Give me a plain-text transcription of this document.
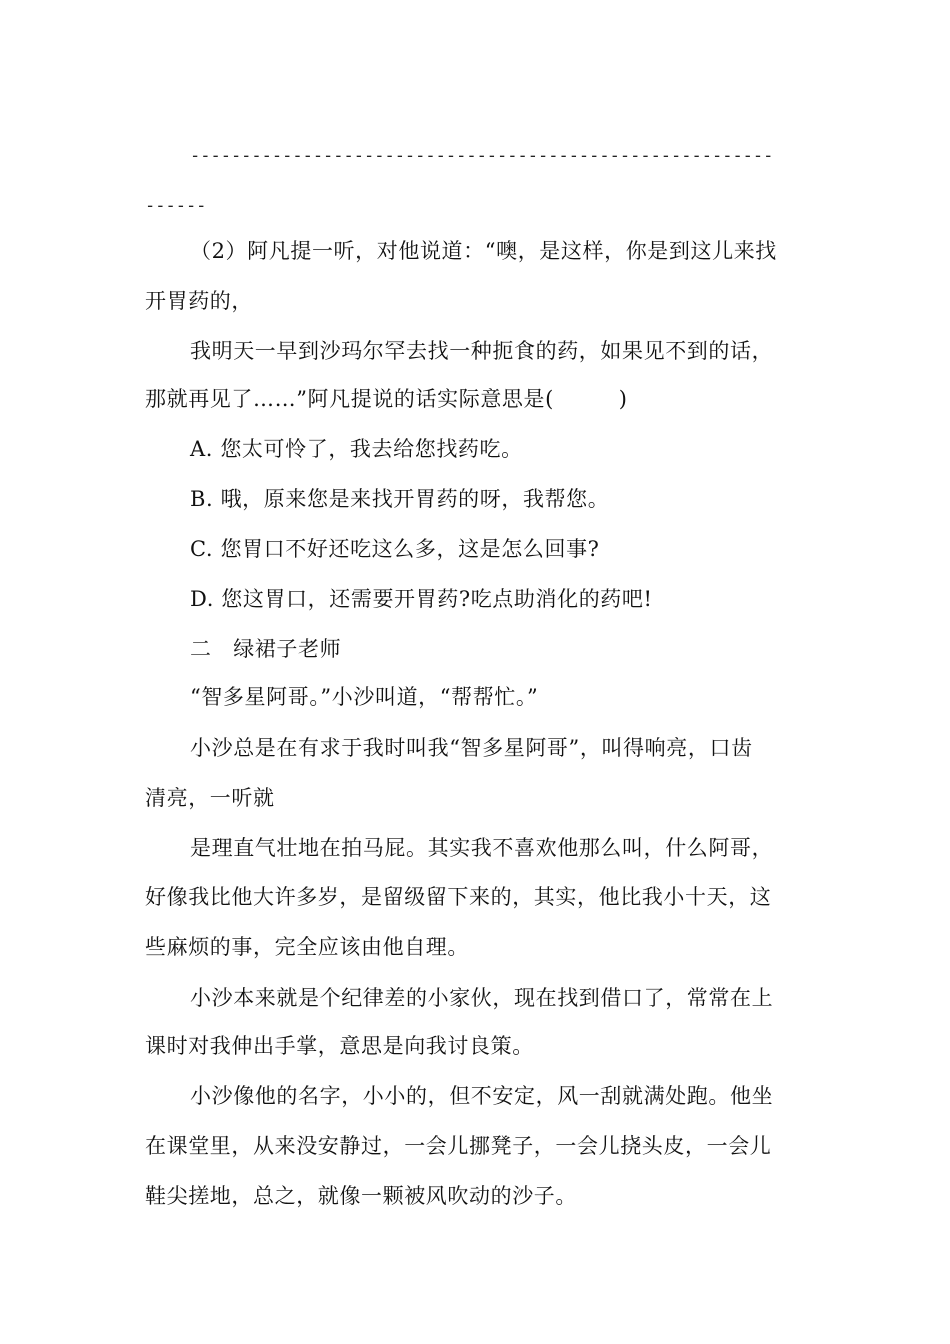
---------------------------------------------------------
------
（2）阿凡提一听，对他说道：“噢，是这样，你是到这儿来找
开胃药的，
我明天一早到沙玛尔罕去找一种扼食的药，如果见不到的话，
那就再见了……”阿凡提说的话实际意思是(　　　)
A. 您太可怜了，我去给您找药吃。
B. 哦，原来您是来找开胃药的呀，我帮您。
C. 您胃口不好还吃这么多，这是怎么回事?
D. 您这胃口，还需要开胃药?吃点助消化的药吧!
二　绿裙子老师
“智多星阿哥。”小沙叫道，“帮帮忙。”
小沙总是在有求于我时叫我“智多星阿哥”，叫得响亮，口齿
清亮，一听就
是理直气壮地在拍马屁。其实我不喜欢他那么叫，什么阿哥，
好像我比他大许多岁，是留级留下来的，其实，他比我小十天，这
些麻烦的事，完全应该由他自理。
小沙本来就是个纪律差的小家伙，现在找到借口了，常常在上
课时对我伸出手掌，意思是向我讨良策。
小沙像他的名字，小小的，但不安定，风一刮就满处跑。他坐
在课堂里，从来没安静过，一会儿挪凳子，一会儿挠头皮，一会儿
鞋尖搓地，总之，就像一颗被风吹动的沙子。
